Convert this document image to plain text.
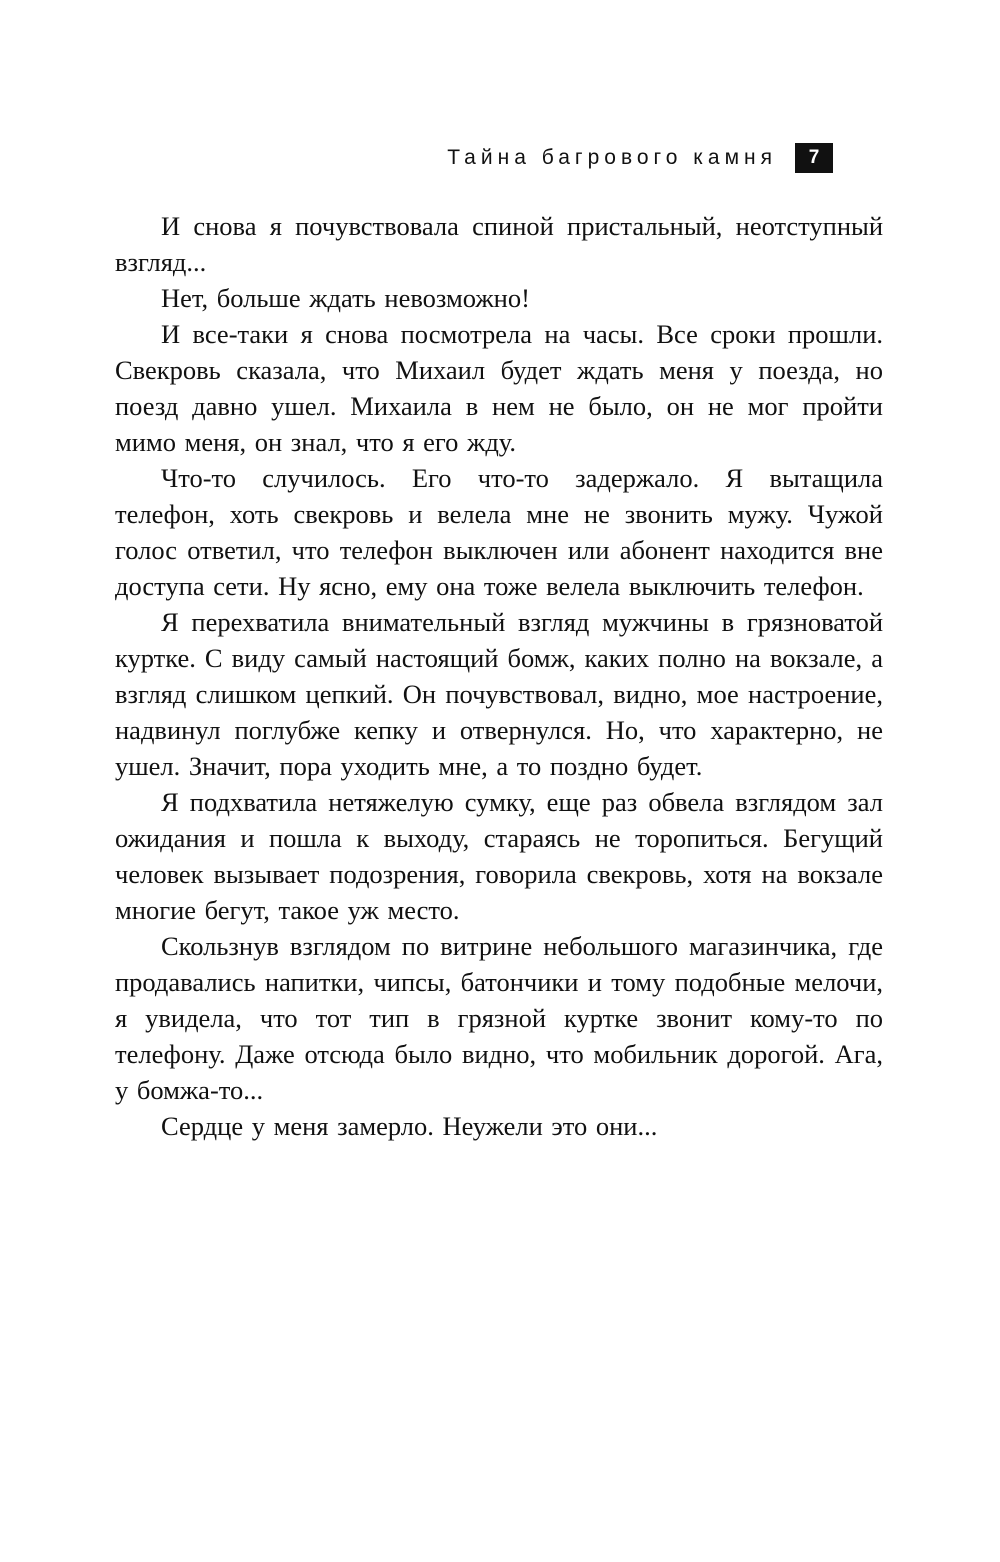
Тайна багрового камня	7

И снова я почувствовала спиной пристальный, неотступный взгляд...

Нет, больше ждать невозможно!

И все-таки я снова посмотрела на часы. Все сроки прошли. Свекровь сказала, что Михаил будет ждать меня у поезда, но поезд давно ушел. Михаила в нем не было, он не мог пройти мимо меня, он знал, что я его жду.

Что-то случилось. Его что-то задержало. Я вытащила телефон, хоть свекровь и велела мне не звонить мужу. Чужой голос ответил, что телефон выключен или абонент находится вне доступа сети. Ну ясно, ему она тоже велела выключить телефон.

Я перехватила внимательный взгляд мужчины в грязноватой куртке. С виду самый настоящий бомж, каких полно на вокзале, а взгляд слишком цепкий. Он почувствовал, видно, мое настроение, надвинул поглубже кепку и отвернулся. Но, что характерно, не ушел. Значит, пора уходить мне, а то поздно будет.

Я подхватила нетяжелую сумку, еще раз обвела взглядом зал ожидания и пошла к выходу, стараясь не торопиться. Бегущий человек вызывает подозрения, говорила свекровь, хотя на вокзале многие бегут, такое уж место.

Скользнув взглядом по витрине небольшого магазинчика, где продавались напитки, чипсы, батончики и тому подобные мелочи, я увидела, что тот тип в грязной куртке звонит кому-то по телефону. Даже отсюда было видно, что мобильник дорогой. Ага, у бомжа-то...

Сердце у меня замерло. Неужели это они...
